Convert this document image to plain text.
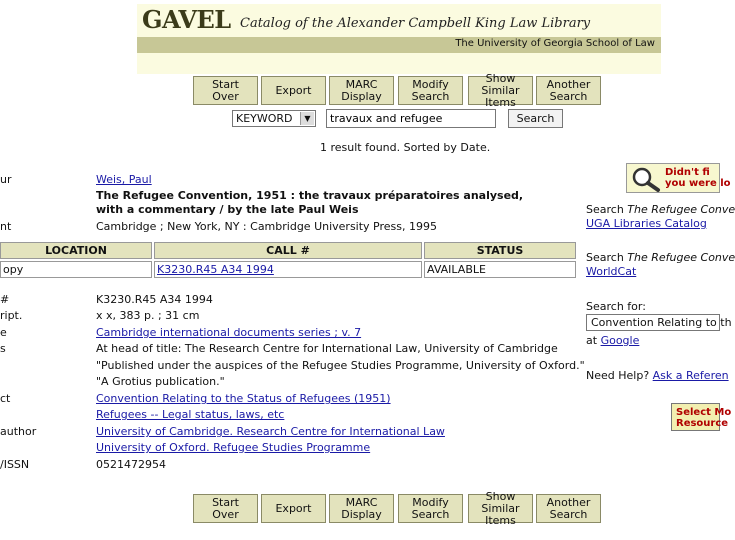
GAVEL Catalog of the Alexander Campbell King Law Library
The University of Georgia School of Law
Start
Over	Export	MARC
Display
Modify
Search
Show
Similar Items
Another
Search
KEYWORD	▼
travaux and refugee	Search
1 result found. Sorted by Date.
ur	Weis, Paul
The Refugee Convention, 1951 : the travaux préparatoires analysed, with a commentary / by the late Paul Weis
nt	Cambridge ; New York, NY : Cambridge University Press, 1995
LOCATION	CALL #	STATUS
opy	K3230.R45 A34 1994	AVAILABLE
#	K3230.R45 A34 1994
ript.	x x, 383 p. ; 31 cm
e	Cambridge international documents series ; v. 7
s	At head of title: The Research Centre for International Law, University of Cambridge
"Published under the auspices of the Refugee Studies Programme, University of Oxford."
"A Grotius publication."
ct	Convention Relating to the Status of Refugees (1951)
Refugees -- Legal status, laws, etc
author	University of Cambridge. Research Centre for International Law
University of Oxford. Refugee Studies Programme
/ISSN	0521472954
Start
Over	Export	MARC
Display
Modify
Search
Show
Similar Items
Another
Search
Didn't fi
you were lo
Search The Refugee Conve
UGA Libraries Catalog
Search The Refugee Conve
WorldCat
Search for:
Convention Relating to th
at Google
Need Help? Ask a Referen
Select Mo
Resource
